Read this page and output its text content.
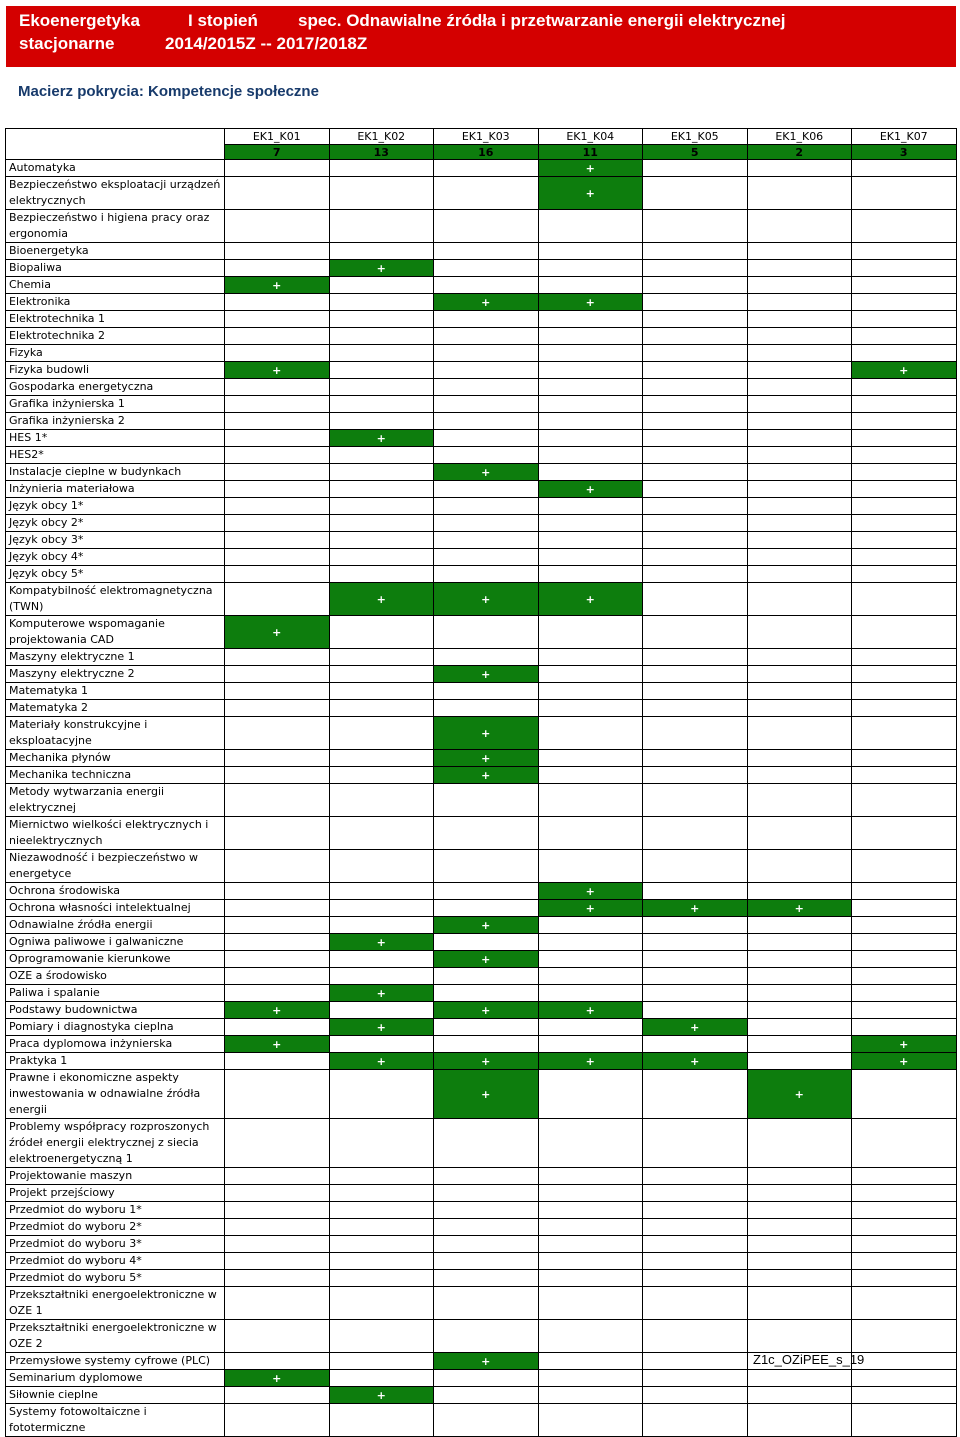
Ekoenergetyka	I stopień spec. Odnawialne źródła i przetwarzanie energii elektrycznej
stacjonarne	2014/2015Z -- 2017/2018Z
Macierz pokrycia: Kompetencje społeczne
	EK1_K01	EK1_K02	EK1_K03	EK1_K04	EK1_K05	EK1_K06	EK1_K07
	7	13	16	11	5	2	3
Automatyka				+			
Bezpieczeństwo eksploatacji urządzeń elektrycznych				+			
Bezpieczeństwo i higiena pracy oraz ergonomia							
Bioenergetyka							
Biopaliwa		+					
Chemia	+						
Elektronika			+	+			
Elektrotechnika 1							
Elektrotechnika 2							
Fizyka							
Fizyka budowli	+						+
Gospodarka energetyczna							
Grafika inżynierska 1							
Grafika inżynierska 2							
HES 1*		+					
HES2*							
Instalacje cieplne w budynkach			+				
Inżynieria materiałowa				+			
Język obcy 1*							
Język obcy 2*							
Język obcy 3*							
Język obcy 4*							
Język obcy 5*							
Kompatybilność elektromagnetyczna (TWN)		+	+	+			
Komputerowe wspomaganie projektowania CAD	+						
Maszyny elektryczne 1							
Maszyny elektryczne 2			+				
Matematyka 1							
Matematyka 2							
Materiały konstrukcyjne i eksploatacyjne			+				
Mechanika płynów			+				
Mechanika techniczna			+				
Metody wytwarzania energii elektrycznej							
Miernictwo wielkości elektrycznych i nieelektrycznych							
Niezawodność i bezpieczeństwo w energetyce							
Ochrona środowiska				+			
Ochrona własności intelektualnej				+	+	+	
Odnawialne źródła energii			+				
Ogniwa paliwowe i galwaniczne		+					
Oprogramowanie kierunkowe			+				
OZE a środowisko							
Paliwa i spalanie		+					
Podstawy budownictwa	+		+	+			
Pomiary i diagnostyka cieplna		+			+		
Praca dyplomowa inżynierska	+						+
Praktyka 1		+	+	+	+		+
Prawne i ekonomiczne aspekty inwestowania w odnawialne źródła energii			+			+	
Problemy współpracy rozproszonych źródeł energii elektrycznej z siecia elektroenergetyczną 1							
Projektowanie maszyn							
Projekt przejściowy							
Przedmiot do wyboru 1*							
Przedmiot do wyboru 2*							
Przedmiot do wyboru 3*							
Przedmiot do wyboru 4*							
Przedmiot do wyboru 5*							
Przekształtniki energoelektroniczne w OZE 1							
Przekształtniki energoelektroniczne w OZE 2							
Przemysłowe systemy cyfrowe (PLC)			+				
Seminarium dyplomowe	+						
Siłownie cieplne		+					
Systemy fotowoltaiczne i fototermiczne							
Z1c_OZiPEE_s_19
